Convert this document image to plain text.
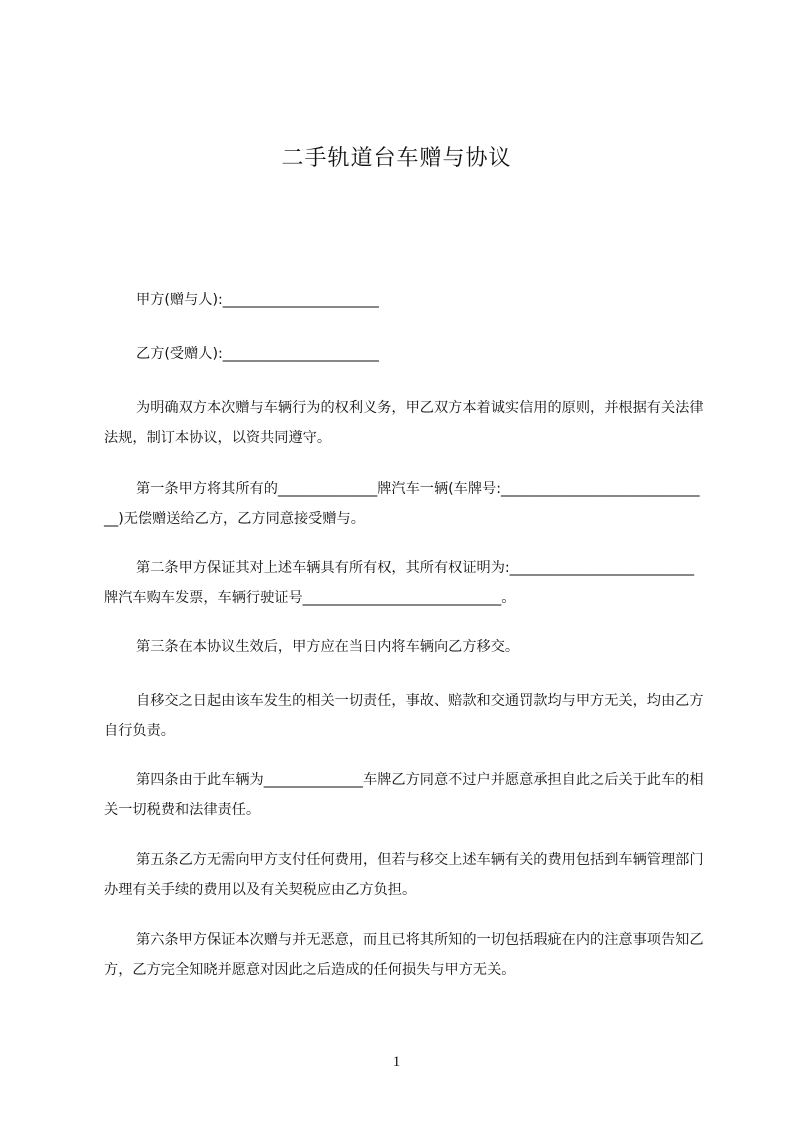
二手轨道台车赠与协议
甲方(赠与人):______________________
乙方(受赠人):______________________
为明确双方本次赠与车辆行为的权利义务，甲乙双方本着诚实信用的原则，并根据有关法律法规，制订本协议，以资共同遵守。
第一条甲方将其所有的______________牌汽车一辆(车牌号:______________________________)无偿赠送给乙方，乙方同意接受赠与。
第二条甲方保证其对上述车辆具有所有权，其所有权证明为:__________________________牌汽车购车发票，车辆行驶证号____________________________。
第三条在本协议生效后，甲方应在当日内将车辆向乙方移交。
自移交之日起由该车发生的相关一切责任，事故、赔款和交通罚款均与甲方无关，均由乙方自行负责。
第四条由于此车辆为______________车牌乙方同意不过户并愿意承担自此之后关于此车的相关一切税费和法律责任。
第五条乙方无需向甲方支付任何费用，但若与移交上述车辆有关的费用包括到车辆管理部门办理有关手续的费用以及有关契税应由乙方负担。
第六条甲方保证本次赠与并无恶意，而且已将其所知的一切包括瑕疵在内的注意事项告知乙方，乙方完全知晓并愿意对因此之后造成的任何损失与甲方无关。
1
